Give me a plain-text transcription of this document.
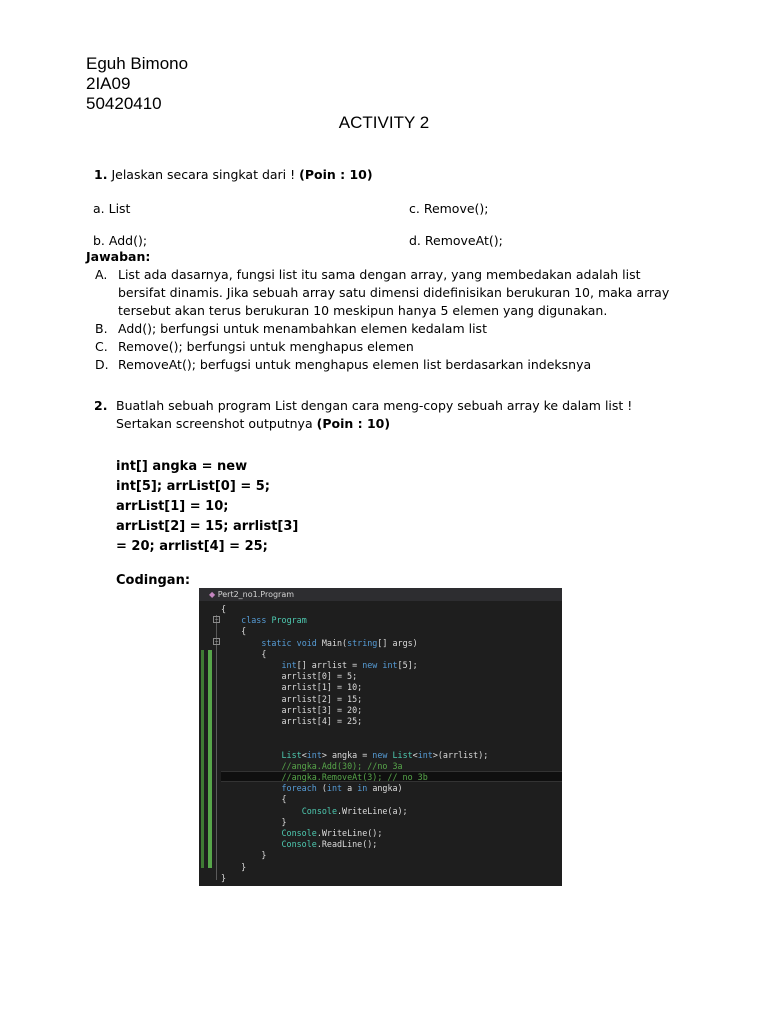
Eguh Bimono
2IA09
50420410
ACTIVITY 2
1. Jelaskan secara singkat dari ! (Poin : 10)
a. List	c. Remove();
b. Add();	d. RemoveAt();
Jawaban:
A. List ada dasarnya, fungsi list itu sama dengan array, yang membedakan adalah list
bersifat dinamis. Jika sebuah array satu dimensi didefinisikan berukuran 10, maka array
tersebut akan terus berukuran 10 meskipun hanya 5 elemen yang digunakan.
B. Add(); berfungsi untuk menambahkan elemen kedalam list
C. Remove(); berfungsi untuk menghapus elemen
D. RemoveAt(); berfugsi untuk menghapus elemen list berdasarkan indeksnya
2. Buatlah sebuah program List dengan cara meng-copy sebuah array ke dalam list !
Sertakan screenshot outputnya (Poin : 10)
int[] angka = new
int[5]; arrList[0] = 5;
arrList[1] = 10;
arrList[2] = 15; arrlist[3]
= 20; arrlist[4] = 25;
Codingan:
◆ Pert2_no1.Program
−
−
{
class Program
{
static void Main(string[] args)
{
int[] arrlist = new int[5];
arrlist[0] = 5;
arrlist[1] = 10;
arrlist[2] = 15;
arrlist[3] = 20;
arrlist[4] = 25;
List<int> angka = new List<int>(arrlist);
//angka.Add(30); //no 3a
//angka.RemoveAt(3); // no 3b
foreach (int a in angka)
{
Console.WriteLine(a);
}
Console.WriteLine();
Console.ReadLine();
}
}
}
